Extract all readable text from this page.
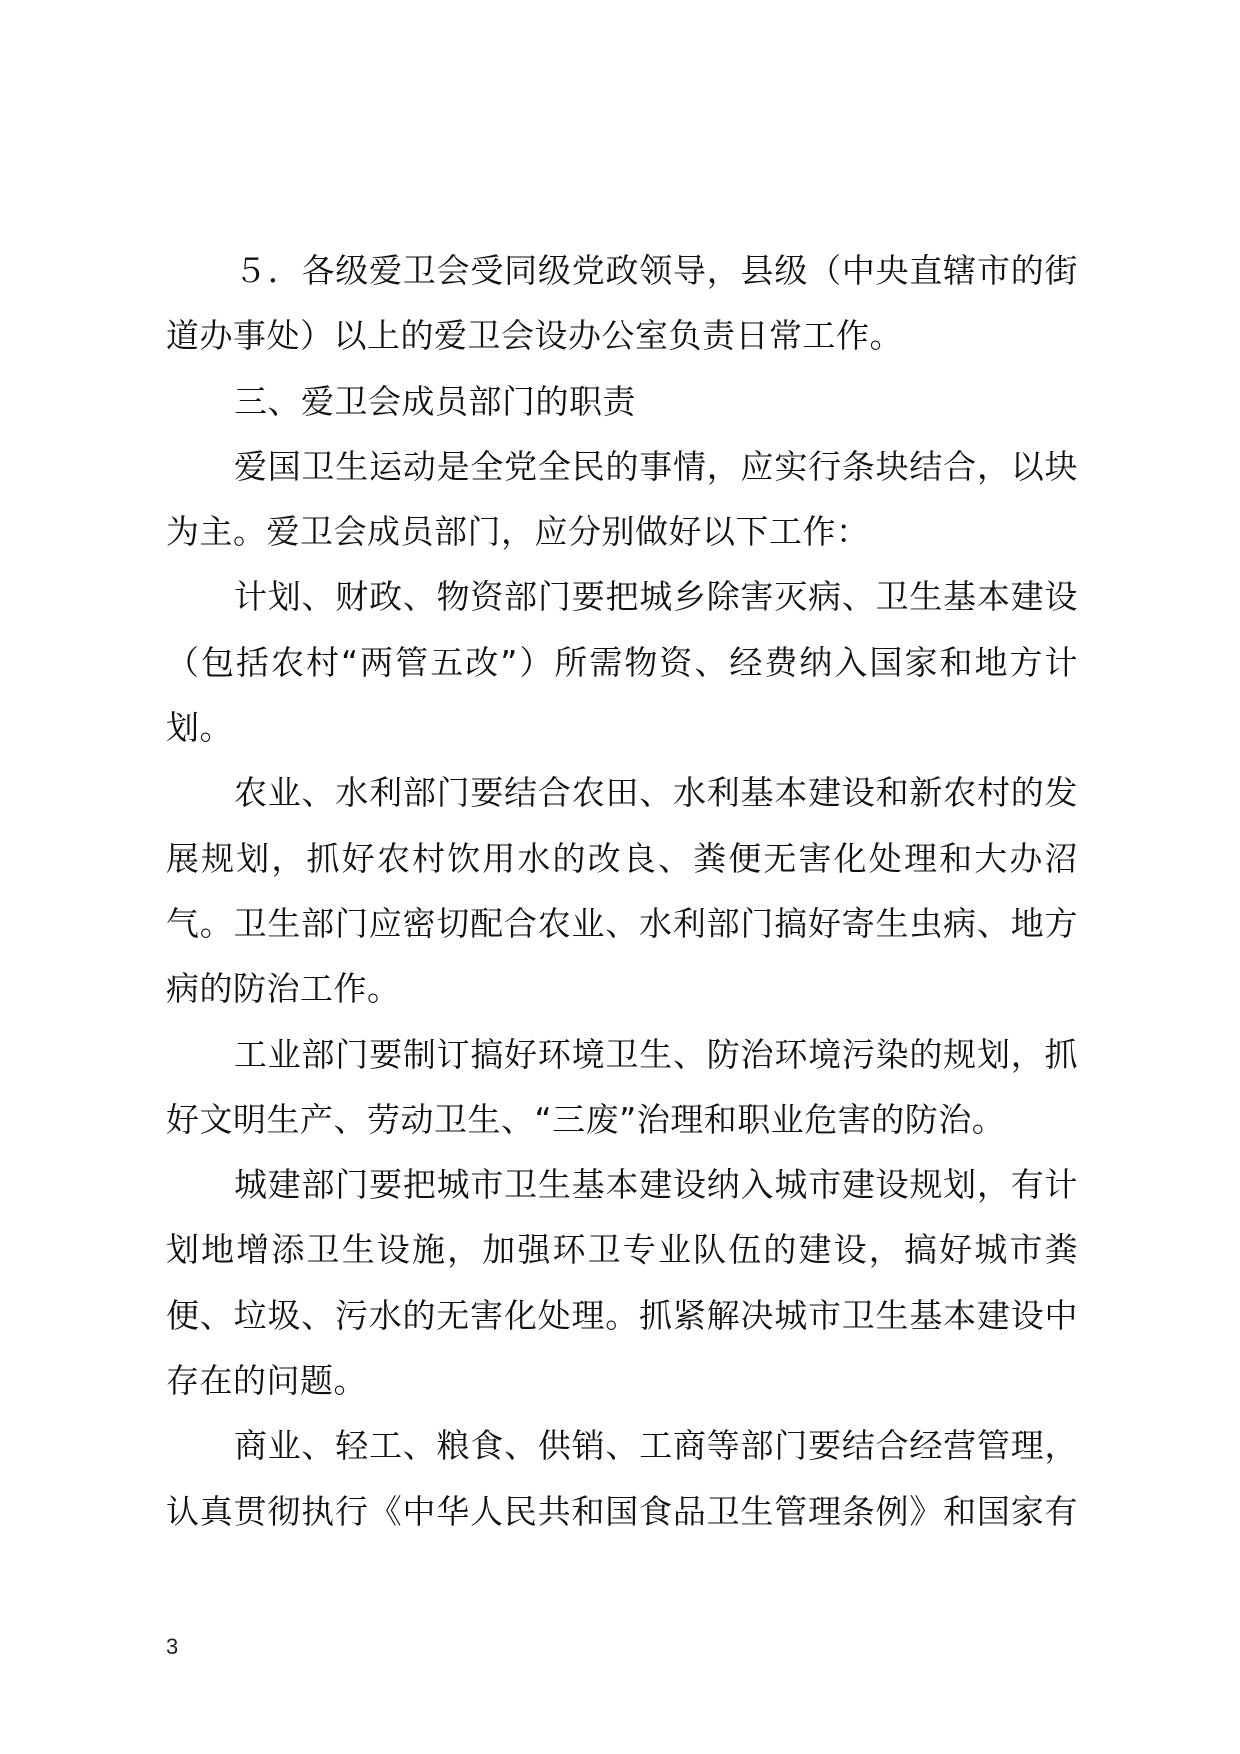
５．各级爱卫会受同级党政领导，县级（中央直辖市的街
道办事处）以上的爱卫会设办公室负责日常工作。
三、爱卫会成员部门的职责
爱国卫生运动是全党全民的事情，应实行条块结合，以块
为主。爱卫会成员部门，应分别做好以下工作：
计划、财政、物资部门要把城乡除害灭病、卫生基本建设
（包括农村“两管五改”）所需物资、经费纳入国家和地方计
划。
农业、水利部门要结合农田、水利基本建设和新农村的发
展规划，抓好农村饮用水的改良、粪便无害化处理和大办沼
气。卫生部门应密切配合农业、水利部门搞好寄生虫病、地方
病的防治工作。
工业部门要制订搞好环境卫生、防治环境污染的规划，抓
好文明生产、劳动卫生、“三废”治理和职业危害的防治。
城建部门要把城市卫生基本建设纳入城市建设规划，有计
划地增添卫生设施，加强环卫专业队伍的建设，搞好城市粪
便、垃圾、污水的无害化处理。抓紧解决城市卫生基本建设中
存在的问题。
商业、轻工、粮食、供销、工商等部门要结合经营管理，
认真贯彻执行《中华人民共和国食品卫生管理条例》和国家有
3
